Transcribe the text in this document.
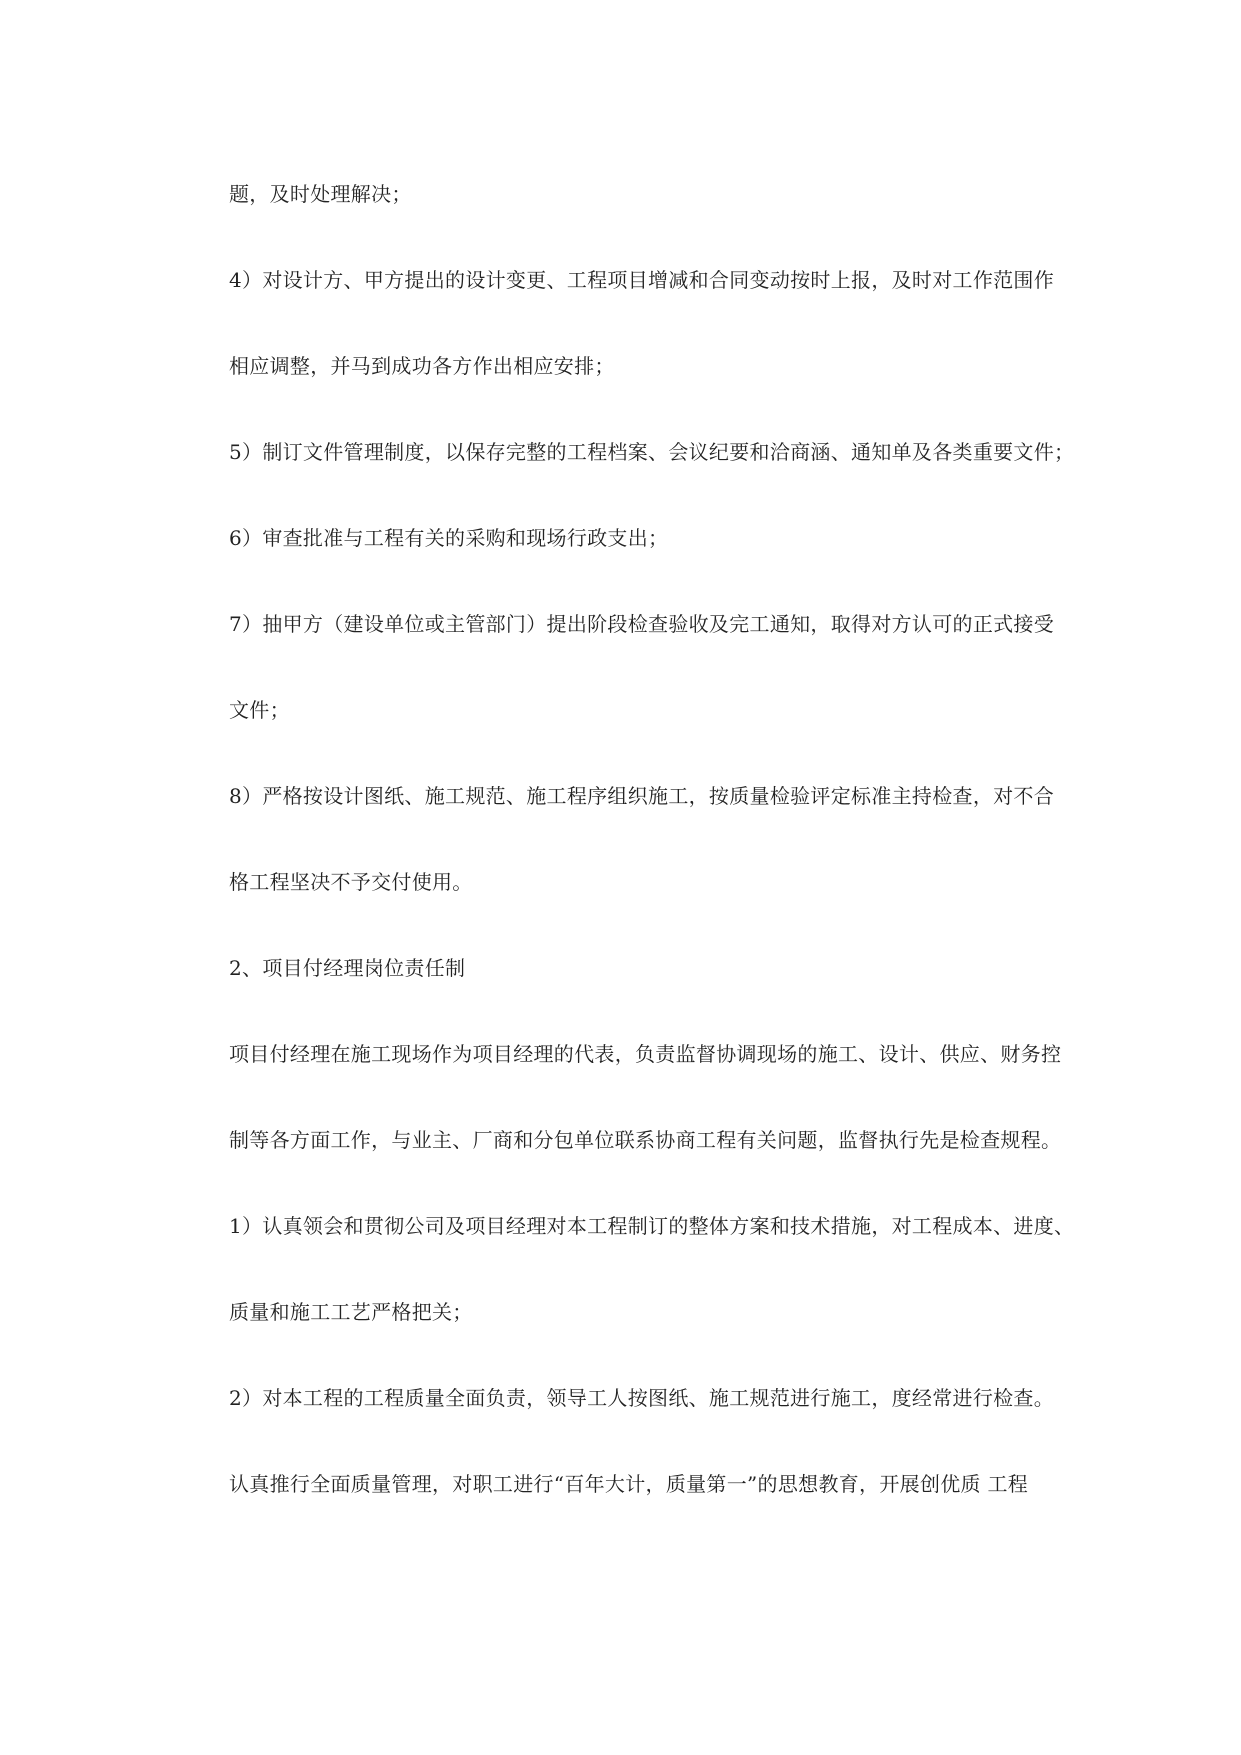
题，及时处理解决；
4）对设计方、甲方提出的设计变更、工程项目增减和合同变动按时上报，及时对工作范围作
相应调整，并马到成功各方作出相应安排；
5）制订文件管理制度，以保存完整的工程档案、会议纪要和洽商涵、通知单及各类重要文件；
6）审查批准与工程有关的采购和现场行政支出；
7）抽甲方（建设单位或主管部门）提出阶段检查验收及完工通知，取得对方认可的正式接受
文件；
8）严格按设计图纸、施工规范、施工程序组织施工，按质量检验评定标准主持检查，对不合
格工程坚决不予交付使用。
2、项目付经理岗位责任制
项目付经理在施工现场作为项目经理的代表，负责监督协调现场的施工、设计、供应、财务控
制等各方面工作，与业主、厂商和分包单位联系协商工程有关问题，监督执行先是检查规程。
1）认真领会和贯彻公司及项目经理对本工程制订的整体方案和技术措施，对工程成本、进度、
质量和施工工艺严格把关；
2）对本工程的工程质量全面负责，领导工人按图纸、施工规范进行施工，度经常进行检查。
认真推行全面质量管理，对职工进行“百年大计，质量第一”的思想教育，开展创优质 工程
